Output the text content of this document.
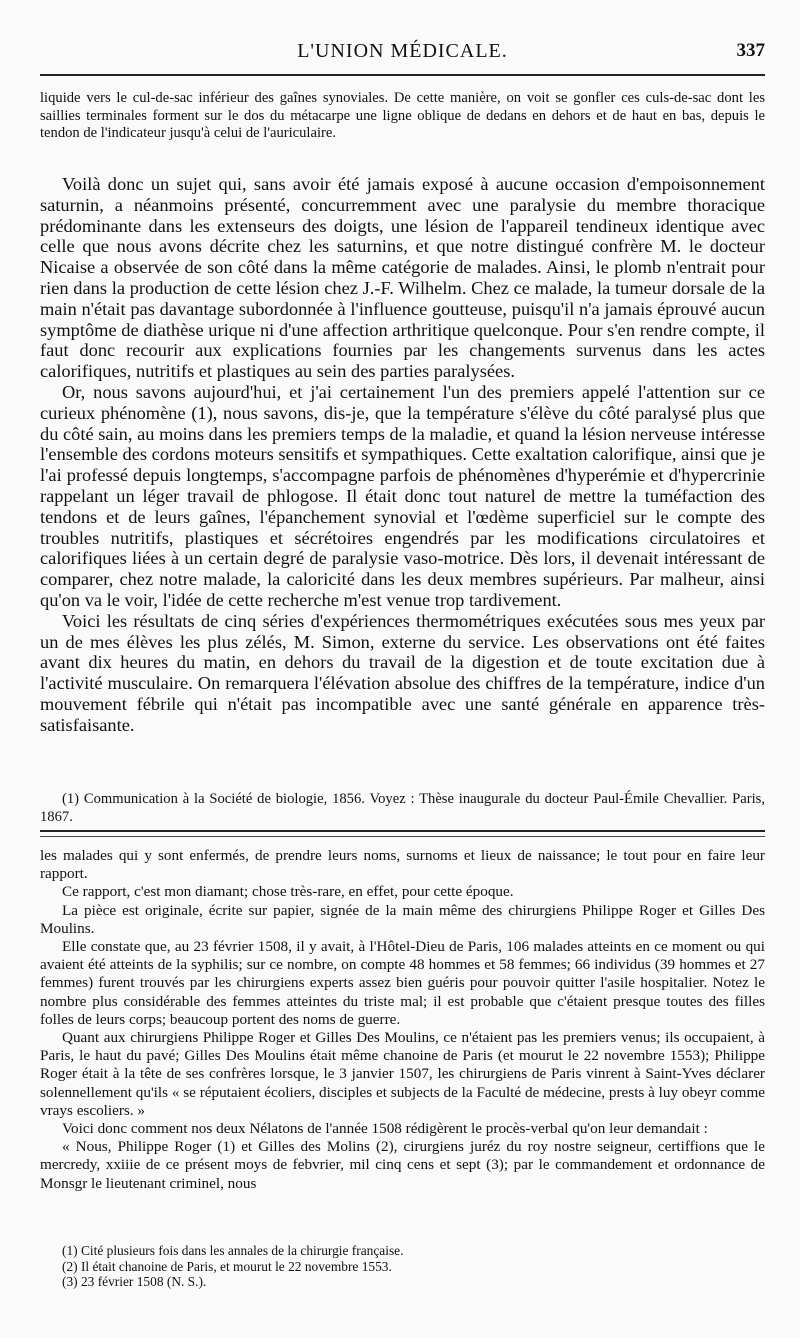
L'UNION MÉDICALE.	337

liquide vers le cul-de-sac inférieur des gaînes synoviales. De cette manière, on voit se gonfler ces culs-de-sac dont les saillies terminales forment sur le dos du métacarpe une ligne oblique de dedans en dehors et de haut en bas, depuis le tendon de l'indicateur jusqu'à celui de l'auriculaire.

Voilà donc un sujet qui, sans avoir été jamais exposé à aucune occasion d'empoisonnement saturnin, a néanmoins présenté, concurremment avec une paralysie du membre thoracique prédominante dans les extenseurs des doigts, une lésion de l'appareil tendineux identique avec celle que nous avons décrite chez les saturnins, et que notre distingué confrère M. le docteur Nicaise a observée de son côté dans la même catégorie de malades. Ainsi, le plomb n'entrait pour rien dans la production de cette lésion chez J.-F. Wilhelm. Chez ce malade, la tumeur dorsale de la main n'était pas davantage subordonnée à l'influence goutteuse, puisqu'il n'a jamais éprouvé aucun symptôme de diathèse urique ni d'une affection arthritique quelconque. Pour s'en rendre compte, il faut donc recourir aux explications fournies par les changements survenus dans les actes calorifiques, nutritifs et plastiques au sein des parties paralysées.

Or, nous savons aujourd'hui, et j'ai certainement l'un des premiers appelé l'attention sur ce curieux phénomène (1), nous savons, dis-je, que la température s'élève du côté paralysé plus que du côté sain, au moins dans les premiers temps de la maladie, et quand la lésion nerveuse intéresse l'ensemble des cordons moteurs sensitifs et sympathiques. Cette exaltation calorifique, ainsi que je l'ai professé depuis longtemps, s'accompagne parfois de phénomènes d'hyperémie et d'hypercrinie rappelant un léger travail de phlogose. Il était donc tout naturel de mettre la tuméfaction des tendons et de leurs gaînes, l'épanchement synovial et l'œdème superficiel sur le compte des troubles nutritifs, plastiques et sécrétoires engendrés par les modifications circulatoires et calorifiques liées à un certain degré de paralysie vaso-motrice. Dès lors, il devenait intéressant de comparer, chez notre malade, la caloricité dans les deux membres supérieurs. Par malheur, ainsi qu'on va le voir, l'idée de cette recherche m'est venue trop tardivement.

Voici les résultats de cinq séries d'expériences thermométriques exécutées sous mes yeux par un de mes élèves les plus zélés, M. Simon, externe du service. Les observations ont été faites avant dix heures du matin, en dehors du travail de la digestion et de toute excitation due à l'activité musculaire. On remarquera l'élévation absolue des chiffres de la température, indice d'un mouvement fébrile qui n'était pas incompatible avec une santé générale en apparence très-satisfaisante.

(1) Communication à la Société de biologie, 1856. Voyez : Thèse inaugurale du docteur Paul-Émile Chevallier. Paris, 1867.

les malades qui y sont enfermés, de prendre leurs noms, surnoms et lieux de naissance; le tout pour en faire leur rapport.

Ce rapport, c'est mon diamant; chose très-rare, en effet, pour cette époque.

La pièce est originale, écrite sur papier, signée de la main même des chirurgiens Philippe Roger et Gilles Des Moulins.

Elle constate que, au 23 février 1508, il y avait, à l'Hôtel-Dieu de Paris, 106 malades atteints en ce moment ou qui avaient été atteints de la syphilis; sur ce nombre, on compte 48 hommes et 58 femmes; 66 individus (39 hommes et 27 femmes) furent trouvés par les chirurgiens experts assez bien guéris pour pouvoir quitter l'asile hospitalier. Notez le nombre plus considérable des femmes atteintes du triste mal; il est probable que c'étaient presque toutes des filles folles de leurs corps; beaucoup portent des noms de guerre.

Quant aux chirurgiens Philippe Roger et Gilles Des Moulins, ce n'étaient pas les premiers venus; ils occupaient, à Paris, le haut du pavé; Gilles Des Moulins était même chanoine de Paris (et mourut le 22 novembre 1553); Philippe Roger était à la tête de ses confrères lorsque, le 3 janvier 1507, les chirurgiens de Paris vinrent à Saint-Yves déclarer solennellement qu'ils « se réputaient écoliers, disciples et subjects de la Faculté de médecine, prests à luy obeyr comme vrays escoliers. »

Voici donc comment nos deux Nélatons de l'année 1508 rédigèrent le procès-verbal qu'on leur demandait :

« Nous, Philippe Roger (1) et Gilles des Molins (2), cirurgiens juréz du roy nostre seigneur, certiffions que le mercredy, xxiiie de ce présent moys de febvrier, mil cinq cens et sept (3); par le commandement et ordonnance de Monsgr le lieutenant criminel, nous

(1) Cité plusieurs fois dans les annales de la chirurgie française.

(2) Il était chanoine de Paris, et mourut le 22 novembre 1553.

(3) 23 février 1508 (N. S.).
